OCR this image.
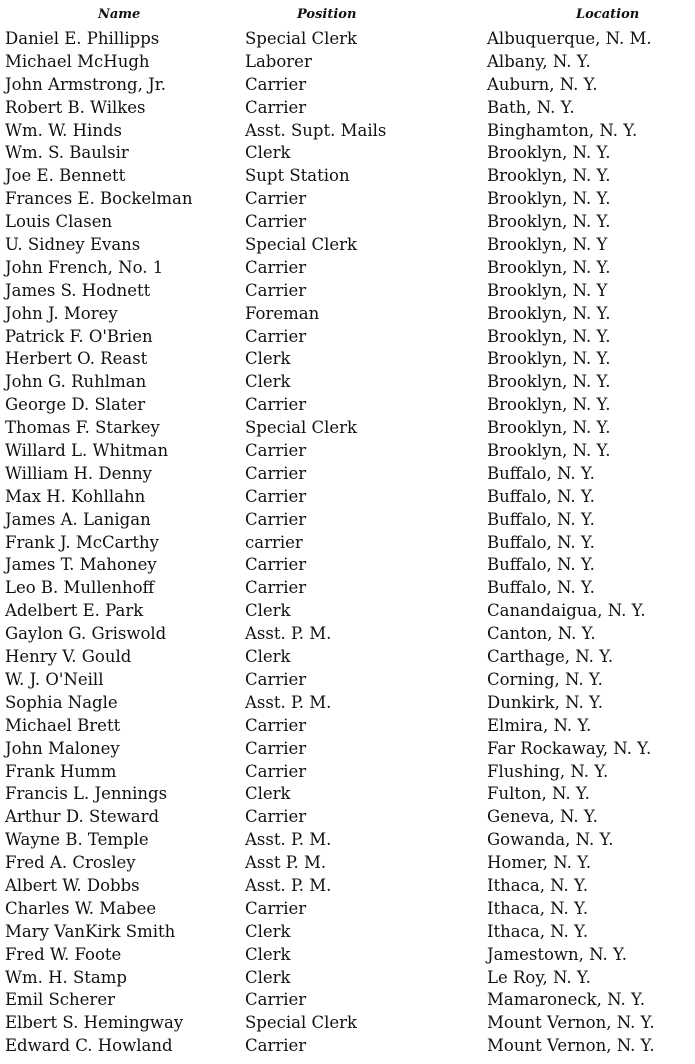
Name	Position	Location
Daniel E. Phillipps	Special Clerk	Albuquerque, N. M.
Michael McHugh	Laborer	Albany, N. Y.
John Armstrong, Jr.	Carrier	Auburn, N. Y.
Robert B. Wilkes	Carrier	Bath, N. Y.
Wm. W. Hinds	Asst. Supt. Mails	Binghamton, N. Y.
Wm. S. Baulsir	Clerk	Brooklyn, N. Y.
Joe E. Bennett	Supt Station	Brooklyn, N. Y.
Frances E. Bockelman	Carrier	Brooklyn, N. Y.
Louis Clasen	Carrier	Brooklyn, N. Y.
U. Sidney Evans	Special Clerk	Brooklyn, N. Y
John French, No. 1	Carrier	Brooklyn, N. Y.
James S. Hodnett	Carrier	Brooklyn, N. Y
John J. Morey	Foreman	Brooklyn, N. Y.
Patrick F. O'Brien	Carrier	Brooklyn, N. Y.
Herbert O. Reast	Clerk	Brooklyn, N. Y.
John G. Ruhlman	Clerk	Brooklyn, N. Y.
George D. Slater	Carrier	Brooklyn, N. Y.
Thomas F. Starkey	Special Clerk	Brooklyn, N. Y.
Willard L. Whitman	Carrier	Brooklyn, N. Y.
William H. Denny	Carrier	Buffalo, N. Y.
Max H. Kohllahn	Carrier	Buffalo, N. Y.
James A. Lanigan	Carrier	Buffalo, N. Y.
Frank J. McCarthy	carrier	Buffalo, N. Y.
James T. Mahoney	Carrier	Buffalo, N. Y.
Leo B. Mullenhoff	Carrier	Buffalo, N. Y.
Adelbert E. Park	Clerk	Canandaigua, N. Y.
Gaylon G. Griswold	Asst. P. M.	Canton, N. Y.
Henry V. Gould	Clerk	Carthage, N. Y.
W. J. O'Neill	Carrier	Corning, N. Y.
Sophia Nagle	Asst. P. M.	Dunkirk, N. Y.
Michael Brett	Carrier	Elmira, N. Y.
John Maloney	Carrier	Far Rockaway, N. Y.
Frank Humm	Carrier	Flushing, N. Y.
Francis L. Jennings	Clerk	Fulton, N. Y.
Arthur D. Steward	Carrier	Geneva, N. Y.
Wayne B. Temple	Asst. P. M.	Gowanda, N. Y.
Fred A. Crosley	Asst P. M.	Homer, N. Y.
Albert W. Dobbs	Asst. P. M.	Ithaca, N. Y.
Charles W. Mabee	Carrier	Ithaca, N. Y.
Mary VanKirk Smith	Clerk	Ithaca, N. Y.
Fred W. Foote	Clerk	Jamestown, N. Y.
Wm. H. Stamp	Clerk	Le Roy, N. Y.
Emil Scherer	Carrier	Mamaroneck, N. Y.
Elbert S. Hemingway	Special Clerk	Mount Vernon, N. Y.
Edward C. Howland	Carrier	Mount Vernon, N. Y.
